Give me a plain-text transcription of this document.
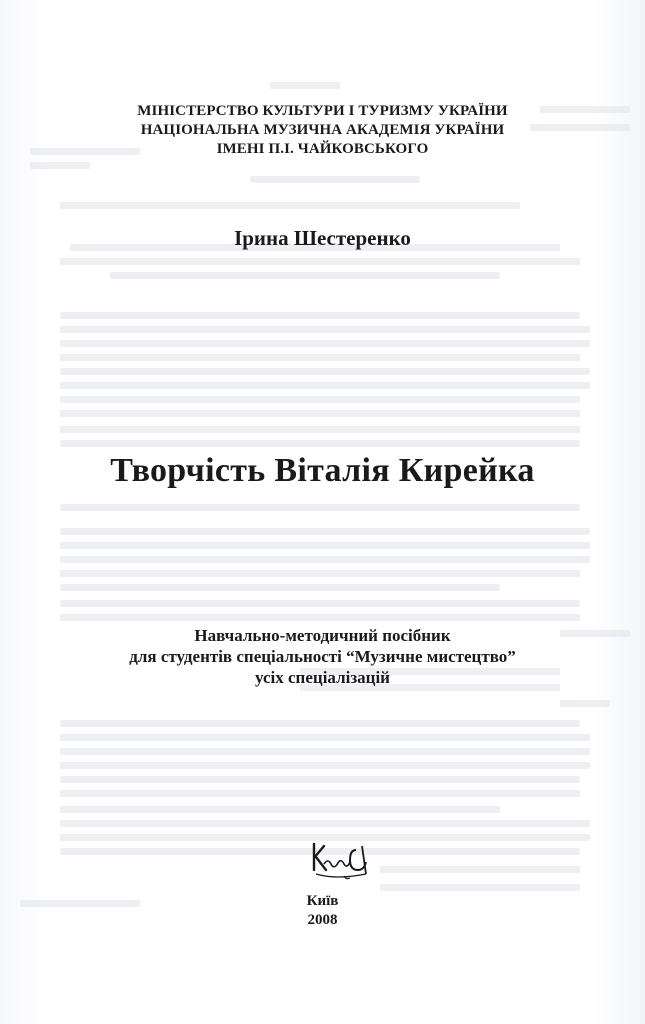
МІНІСТЕРСТВО КУЛЬТУРИ І ТУРИЗМУ УКРАЇНИ
НАЦІОНАЛЬНА МУЗИЧНА АКАДЕМІЯ УКРАЇНИ
ІМЕНІ П.І. ЧАЙКОВСЬКОГО
Ірина Шестеренко
Творчість Віталія Кирейка
Навчально-методичний посібник
для студентів спеціальності “Музичне мистецтво”
усіх спеціалізацій
Київ
2008
